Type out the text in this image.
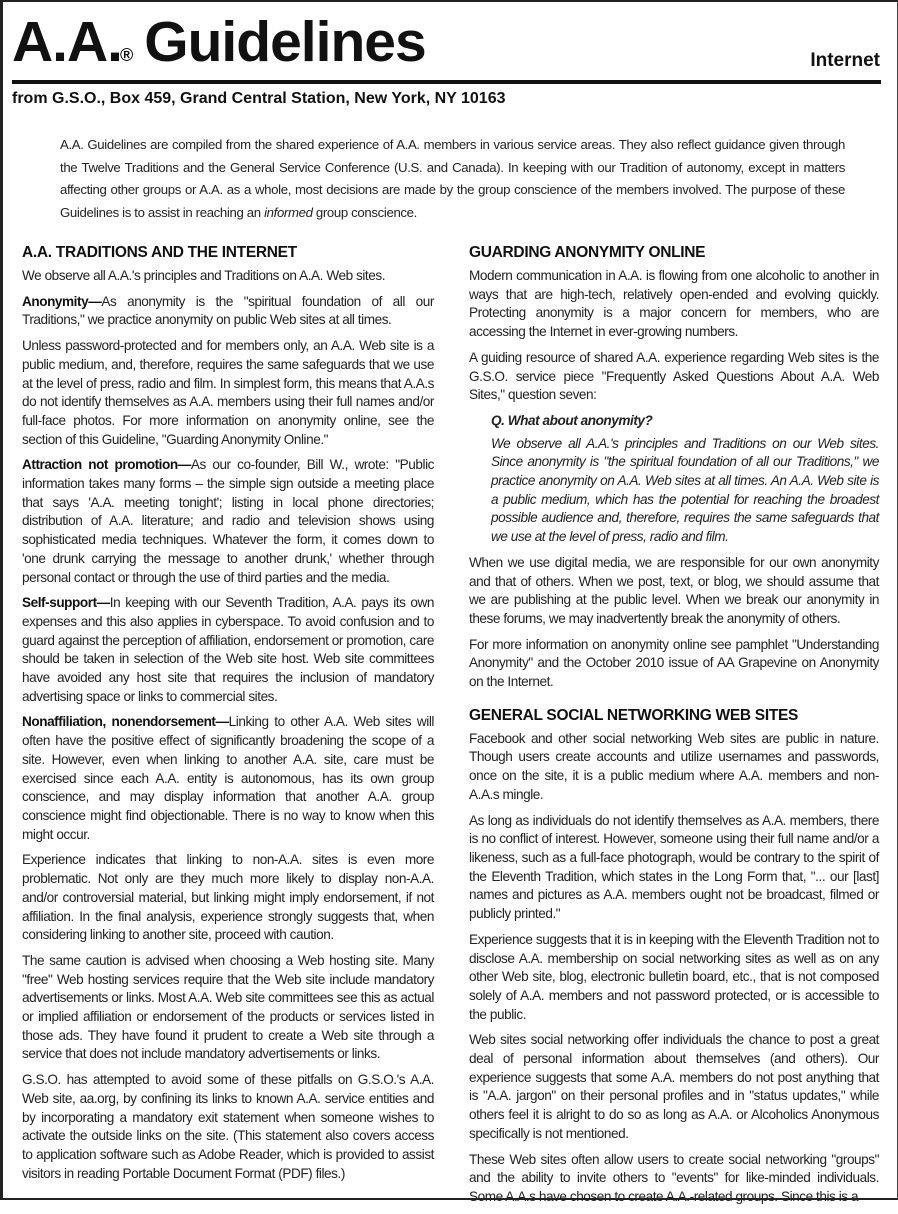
A.A.® Guidelines	Internet
from G.S.O., Box 459, Grand Central Station, New York, NY 10163
A.A. Guidelines are compiled from the shared experience of A.A. members in various service areas. They also reflect guidance given through the Twelve Traditions and the General Service Conference (U.S. and Canada). In keeping with our Tradition of autonomy, except in matters affecting other groups or A.A. as a whole, most decisions are made by the group conscience of the members involved. The purpose of these Guidelines is to assist in reaching an informed group conscience.
A.A. TRADITIONS AND THE INTERNET

We observe all A.A.'s principles and Traditions on A.A. Web sites.

Anonymity—As anonymity is the "spiritual foundation of all our Traditions," we practice anonymity on public Web sites at all times.

Unless password-protected and for members only, an A.A. Web site is a public medium, and, therefore, requires the same safeguards that we use at the level of press, radio and film. In simplest form, this means that A.A.s do not identify themselves as A.A. members using their full names and/or full-face photos. For more information on anonymity online, see the section of this Guideline, "Guarding Anonymity Online."

Attraction not promotion—As our co-founder, Bill W., wrote: "Public information takes many forms – the simple sign outside a meeting place that says 'A.A. meeting tonight'; listing in local phone directories; distribution of A.A. literature; and radio and television shows using sophisticated media techniques. Whatever the form, it comes down to 'one drunk carrying the message to another drunk,' whether through personal contact or through the use of third parties and the media.

Self-support—In keeping with our Seventh Tradition, A.A. pays its own expenses and this also applies in cyberspace. To avoid confusion and to guard against the perception of affiliation, endorsement or promotion, care should be taken in selection of the Web site host. Web site committees have avoided any host site that requires the inclusion of mandatory advertising space or links to commercial sites.

Nonaffiliation, nonendorsement—Linking to other A.A. Web sites will often have the positive effect of significantly broadening the scope of a site. However, even when linking to another A.A. site, care must be exercised since each A.A. entity is autonomous, has its own group conscience, and may display information that another A.A. group conscience might find objectionable. There is no way to know when this might occur.

Experience indicates that linking to non-A.A. sites is even more problematic. Not only are they much more likely to display non-A.A. and/or controversial material, but linking might imply endorsement, if not affiliation. In the final analysis, experience strongly suggests that, when considering linking to another site, proceed with caution.

The same caution is advised when choosing a Web hosting site. Many "free" Web hosting services require that the Web site include mandatory advertisements or links. Most A.A. Web site committees see this as actual or implied affiliation or endorsement of the products or services listed in those ads. They have found it prudent to create a Web site through a service that does not include mandatory advertisements or links.

G.S.O. has attempted to avoid some of these pitfalls on G.S.O.'s A.A. Web site, aa.org, by confining its links to known A.A. service entities and by incorporating a mandatory exit statement when someone wishes to activate the outside links on the site. (This statement also covers access to application software such as Adobe Reader, which is provided to assist visitors in reading Portable Document Format (PDF) files.)

GUARDING ANONYMITY ONLINE

Modern communication in A.A. is flowing from one alcoholic to another in ways that are high-tech, relatively open-ended and evolving quickly. Protecting anonymity is a major concern for members, who are accessing the Internet in ever-growing numbers.

A guiding resource of shared A.A. experience regarding Web sites is the G.S.O. service piece "Frequently Asked Questions About A.A. Web Sites," question seven:

Q. What about anonymity?
We observe all A.A.'s principles and Traditions on our Web sites. Since anonymity is "the spiritual foundation of all our Traditions," we practice anonymity on A.A. Web sites at all times. An A.A. Web site is a public medium, which has the potential for reaching the broadest possible audience and, therefore, requires the same safeguards that we use at the level of press, radio and film.

When we use digital media, we are responsible for our own anonymity and that of others. When we post, text, or blog, we should assume that we are publishing at the public level. When we break our anonymity in these forums, we may inadvertently break the anonymity of others.

For more information on anonymity online see pamphlet "Understanding Anonymity" and the October 2010 issue of AA Grapevine on Anonymity on the Internet.

GENERAL SOCIAL NETWORKING WEB SITES

Facebook and other social networking Web sites are public in nature. Though users create accounts and utilize usernames and passwords, once on the site, it is a public medium where A.A. members and non-A.A.s mingle.

As long as individuals do not identify themselves as A.A. members, there is no conflict of interest. However, someone using their full name and/or a likeness, such as a full-face photograph, would be contrary to the spirit of the Eleventh Tradition, which states in the Long Form that, "... our [last] names and pictures as A.A. members ought not be broadcast, filmed or publicly printed."

Experience suggests that it is in keeping with the Eleventh Tradition not to disclose A.A. membership on social networking sites as well as on any other Web site, blog, electronic bulletin board, etc., that is not composed solely of A.A. members and not password protected, or is accessible to the public.

Web sites social networking offer individuals the chance to post a great deal of personal information about themselves (and others). Our experience suggests that some A.A. members do not post anything that is "A.A. jargon" on their personal profiles and in "status updates," while others feel it is alright to do so as long as A.A. or Alcoholics Anonymous specifically is not mentioned.

These Web sites often allow users to create social networking "groups" and the ability to invite others to "events" for like-minded individuals. Some A.A.s have chosen to create A.A.-related groups. Since this is a
